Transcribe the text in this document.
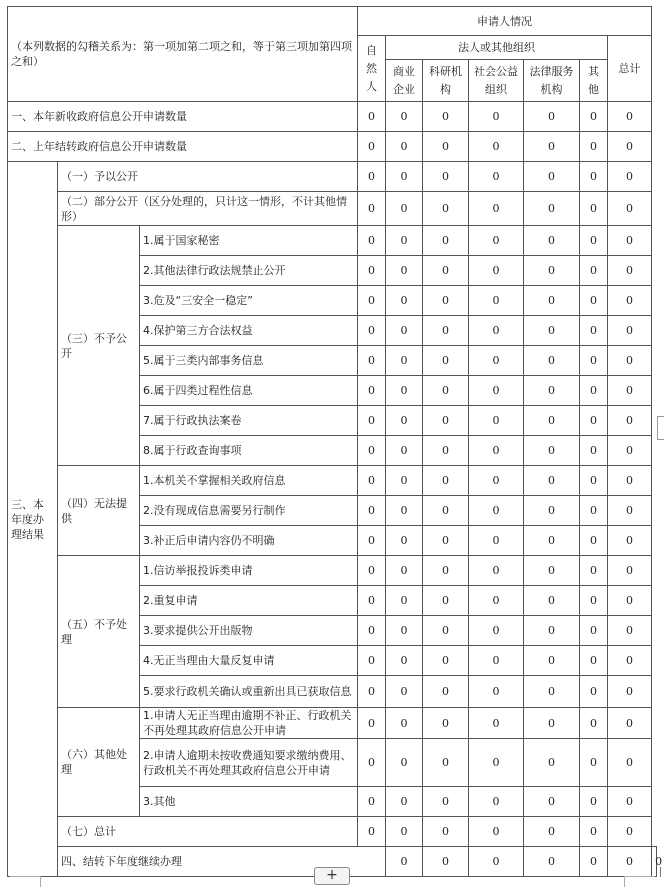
（本列数据的勾稽关系为：第一项加第二项之和，等于第三项加第四项之和）			申请人情况							

			自然人	法人或其他组织					总计	

				商业企业	科研机构	社会公益组织	法律服务机构	其他		

一、本年新收政府信息公开申请数量			0	0	0	0	0	0	0	
二、上年结转政府信息公开申请数量			0	0	0	0	0	0	0	
三、本年度办理结果	（一）予以公开		0	0	0	0	0	0	0	
	（二）部分公开（区分处理的，只计这一情形，不计其他情形）		0	0	0	0	0	0	0	
	（三）不予公开	1.属于国家秘密	0	0	0	0	0	0	0	
		2.其他法律行政法规禁止公开	0	0	0	0	0	0	0	
		3.危及“三安全一稳定”	0	0	0	0	0	0	0	
		4.保护第三方合法权益	0	0	0	0	0	0	0	
		5.属于三类内部事务信息	0	0	0	0	0	0	0	
		6.属于四类过程性信息	0	0	0	0	0	0	0	
		7.属于行政执法案卷	0	0	0	0	0	0	0	
		8.属于行政查询事项	0	0	0	0	0	0	0	
	（四）无法提供	1.本机关不掌握相关政府信息	0	0	0	0	0	0	0	
		2.没有现成信息需要另行制作	0	0	0	0	0	0	0	
		3.补正后申请内容仍不明确	0	0	0	0	0	0	0	
	（五）不予处理	1.信访举报投诉类申请	0	0	0	0	0	0	0	
		2.重复申请	0	0	0	0	0	0	0	
		3.要求提供公开出版物	0	0	0	0	0	0	0	
		4.无正当理由大量反复申请	0	0	0	0	0	0	0	
		5.要求行政机关确认或重新出具已获取信息	0	0	0	0	0	0	0	
	（六）其他处理	1.申请人无正当理由逾期不补正、行政机关不再处理其政府信息公开申请	0	0	0	0	0	0	0	
		2.申请人逾期未按收费通知要求缴纳费用、行政机关不再处理其政府信息公开申请	0	0	0	0	0	0	0	
		3.其他	0	0	0	0	0	0	0	
	（七）总计		0	0	0	0	0	0	0	
	四、结转下年度继续办理			0	0	0	0	0	0	0
+
